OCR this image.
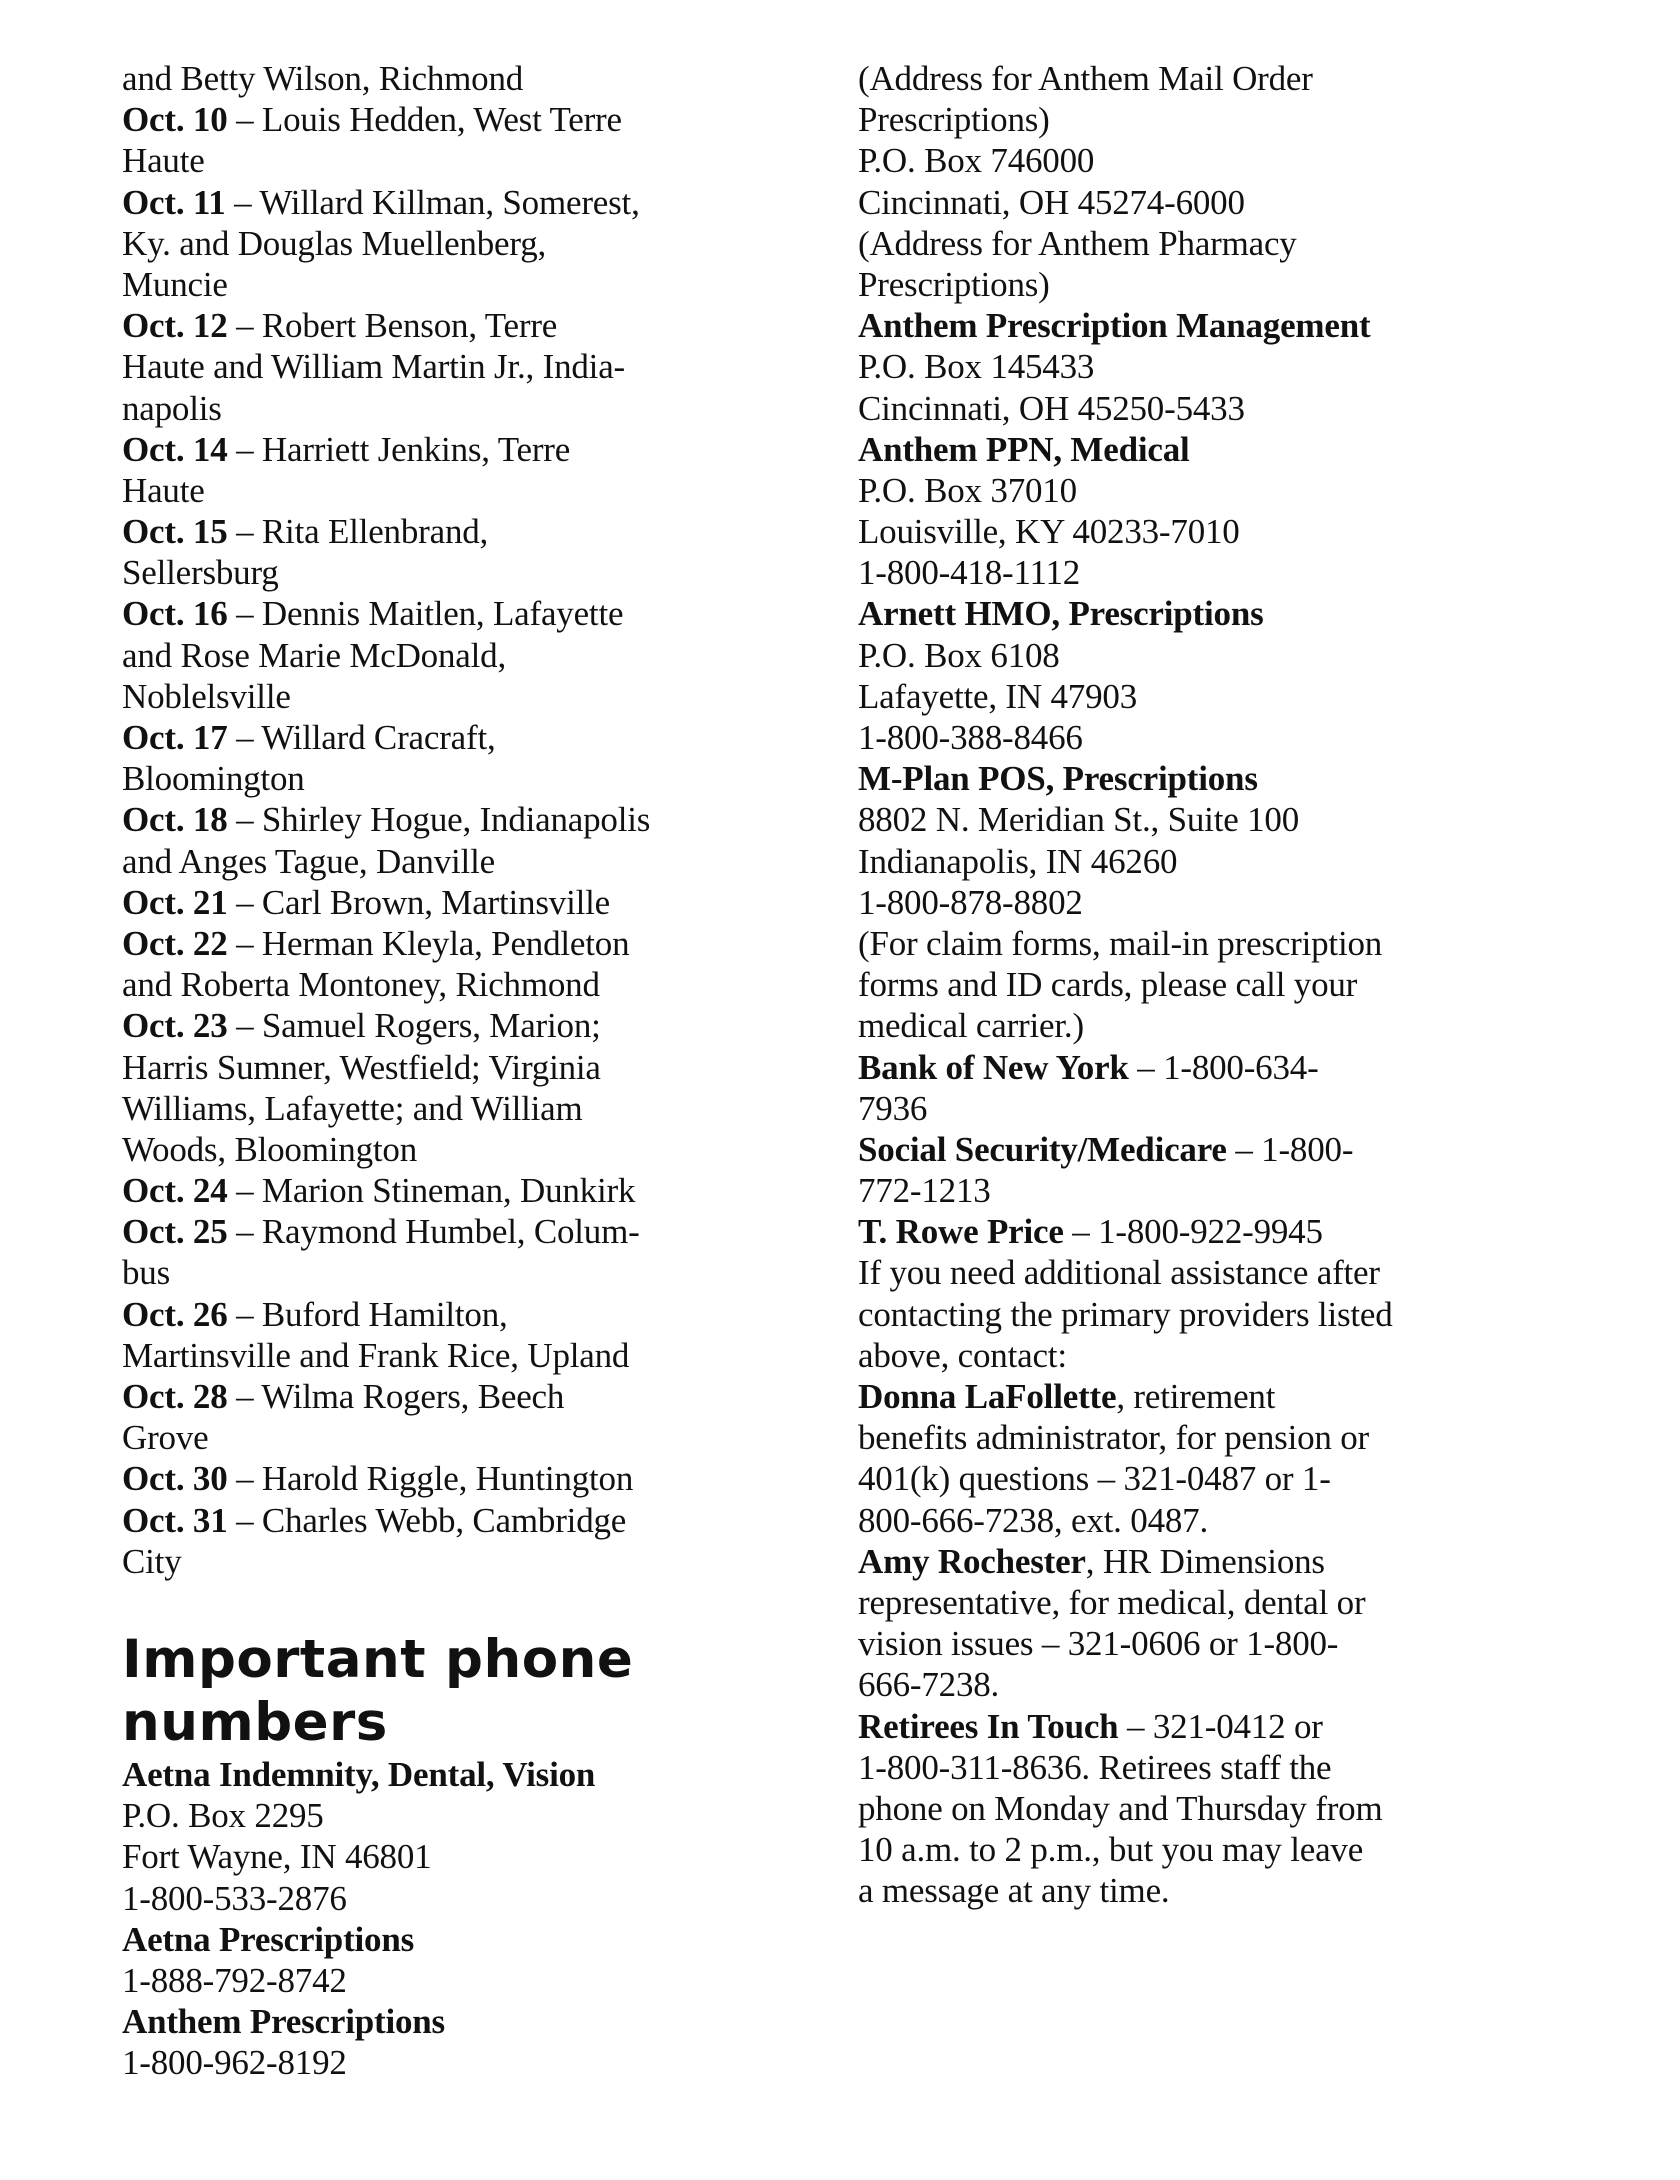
and Betty Wilson, Richmond
Oct. 10 – Louis Hedden, West Terre
Haute
Oct. 11 – Willard Killman, Somerest,
Ky. and Douglas Muellenberg,
Muncie
Oct. 12 – Robert Benson, Terre
Haute and William Martin Jr., India-
napolis
Oct. 14 – Harriett Jenkins, Terre
Haute
Oct. 15 – Rita Ellenbrand,
Sellersburg
Oct. 16 – Dennis Maitlen, Lafayette
and Rose Marie McDonald,
Noblelsville
Oct. 17 – Willard Cracraft,
Bloomington
Oct. 18 – Shirley Hogue, Indianapolis
and Anges Tague, Danville
Oct. 21 – Carl Brown, Martinsville
Oct. 22 – Herman Kleyla, Pendleton
and Roberta Montoney, Richmond
Oct. 23 – Samuel Rogers, Marion;
Harris Sumner, Westfield; Virginia
Williams, Lafayette; and William
Woods, Bloomington
Oct. 24 – Marion Stineman, Dunkirk
Oct. 25 – Raymond Humbel, Colum-
bus
Oct. 26 – Buford Hamilton,
Martinsville and Frank Rice, Upland
Oct. 28 – Wilma Rogers, Beech
Grove
Oct. 30 – Harold Riggle, Huntington
Oct. 31 – Charles Webb, Cambridge
City
Important phone
numbers
Aetna Indemnity, Dental, Vision
P.O. Box 2295
Fort Wayne, IN 46801
1-800-533-2876
Aetna Prescriptions
1-888-792-8742
Anthem Prescriptions
1-800-962-8192
(Address for Anthem Mail Order
Prescriptions)
P.O. Box 746000
Cincinnati, OH 45274-6000
(Address for Anthem Pharmacy
Prescriptions)
Anthem Prescription Management
P.O. Box 145433
Cincinnati, OH 45250-5433
Anthem PPN, Medical
P.O. Box 37010
Louisville, KY 40233-7010
1-800-418-1112
Arnett HMO, Prescriptions
P.O. Box 6108
Lafayette, IN 47903
1-800-388-8466
M-Plan POS, Prescriptions
8802 N. Meridian St., Suite 100
Indianapolis, IN 46260
1-800-878-8802
(For claim forms, mail-in prescription
forms and ID cards, please call your
medical carrier.)
Bank of New York – 1-800-634-
7936
Social Security/Medicare – 1-800-
772-1213
T. Rowe Price – 1-800-922-9945
If you need additional assistance after
contacting the primary providers listed
above, contact:
Donna LaFollette, retirement
benefits administrator, for pension or
401(k) questions – 321-0487 or 1-
800-666-7238, ext. 0487.
Amy Rochester, HR Dimensions
representative, for medical, dental or
vision issues – 321-0606 or 1-800-
666-7238.
Retirees In Touch – 321-0412 or
1-800-311-8636. Retirees staff the
phone on Monday and Thursday from
10 a.m. to 2 p.m., but you may leave
a message at any time.
